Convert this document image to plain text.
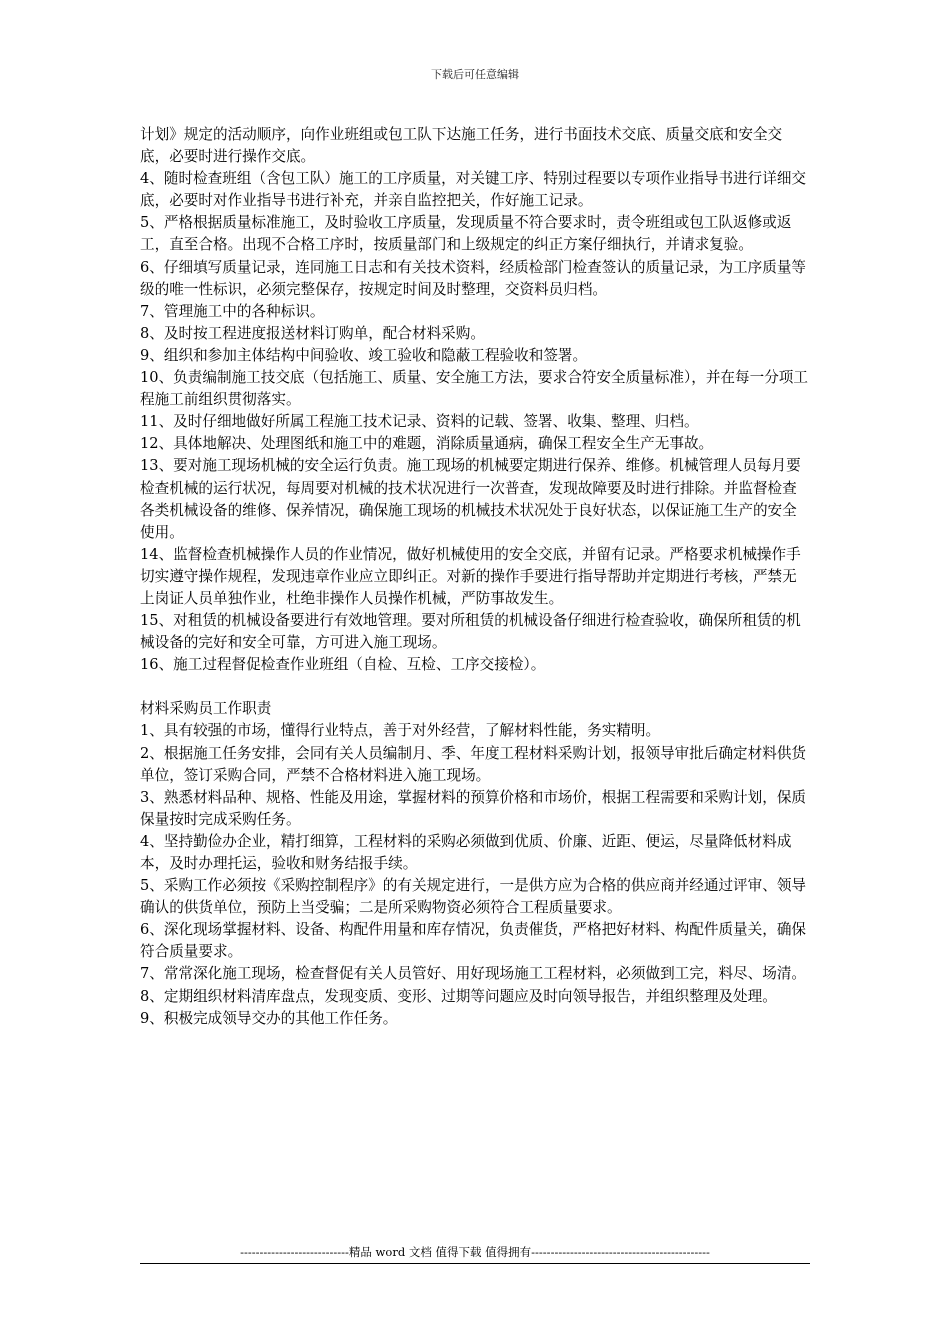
下载后可任意编辑

计划》规定的活动顺序，向作业班组或包工队下达施工任务，进行书面技术交底、质量交底和安全交底，必要时进行操作交底。

4、随时检查班组（含包工队）施工的工序质量，对关键工序、特别过程要以专项作业指导书进行详细交底，必要时对作业指导书进行补充，并亲自监控把关，作好施工记录。

5、严格根据质量标准施工，及时验收工序质量，发现质量不符合要求时，责令班组或包工队返修或返工，直至合格。出现不合格工序时，按质量部门和上级规定的纠正方案仔细执行，并请求复验。

6、仔细填写质量记录，连同施工日志和有关技术资料，经质检部门检查签认的质量记录，为工序质量等级的唯一性标识，必须完整保存，按规定时间及时整理，交资料员归档。

7、管理施工中的各种标识。

8、及时按工程进度报送材料订购单，配合材料采购。

9、组织和参加主体结构中间验收、竣工验收和隐蔽工程验收和签署。

10、负责编制施工技交底（包括施工、质量、安全施工方法，要求合符安全质量标准），并在每一分项工程施工前组织贯彻落实。

11、及时仔细地做好所属工程施工技术记录、资料的记载、签署、收集、整理、归档。

12、具体地解决、处理图纸和施工中的难题，消除质量通病，确保工程安全生产无事故。

13、要对施工现场机械的安全运行负责。施工现场的机械要定期进行保养、维修。机械管理人员每月要检查机械的运行状况，每周要对机械的技术状况进行一次普查，发现故障要及时进行排除。并监督检查各类机械设备的维修、保养情况，确保施工现场的机械技术状况处于良好状态，以保证施工生产的安全使用。

14、监督检查机械操作人员的作业情况，做好机械使用的安全交底，并留有记录。严格要求机械操作手切实遵守操作规程，发现违章作业应立即纠正。对新的操作手要进行指导帮助并定期进行考核，严禁无上岗证人员单独作业，杜绝非操作人员操作机械，严防事故发生。

15、对租赁的机械设备要进行有效地管理。要对所租赁的机械设备仔细进行检查验收，确保所租赁的机械设备的完好和安全可靠，方可进入施工现场。

16、施工过程督促检查作业班组（自检、互检、工序交接检）。

材料采购员工作职责

1、具有较强的市场，懂得行业特点，善于对外经营，了解材料性能，务实精明。

2、根据施工任务安排，会同有关人员编制月、季、年度工程材料采购计划，报领导审批后确定材料供货单位，签订采购合同，严禁不合格材料进入施工现场。

3、熟悉材料品种、规格、性能及用途，掌握材料的预算价格和市场价，根据工程需要和采购计划，保质保量按时完成采购任务。

4、坚持勤俭办企业，精打细算，工程材料的采购必须做到优质、价廉、近距、便运，尽量降低材料成本，及时办理托运，验收和财务结报手续。

5、采购工作必须按《采购控制程序》的有关规定进行，一是供方应为合格的供应商并经通过评审、领导确认的供货单位，预防上当受骗；二是所采购物资必须符合工程质量要求。

6、深化现场掌握材料、设备、构配件用量和库存情况，负责催货，严格把好材料、构配件质量关，确保符合质量要求。

7、常常深化施工现场，检查督促有关人员管好、用好现场施工工程材料，必须做到工完，料尽、场清。

8、定期组织材料清库盘点，发现变质、变形、过期等问题应及时向领导报告，并组织整理及处理。

9、积极完成领导交办的其他工作任务。

----------------------------精品 word 文档 值得下载 值得拥有----------------------------------------------
